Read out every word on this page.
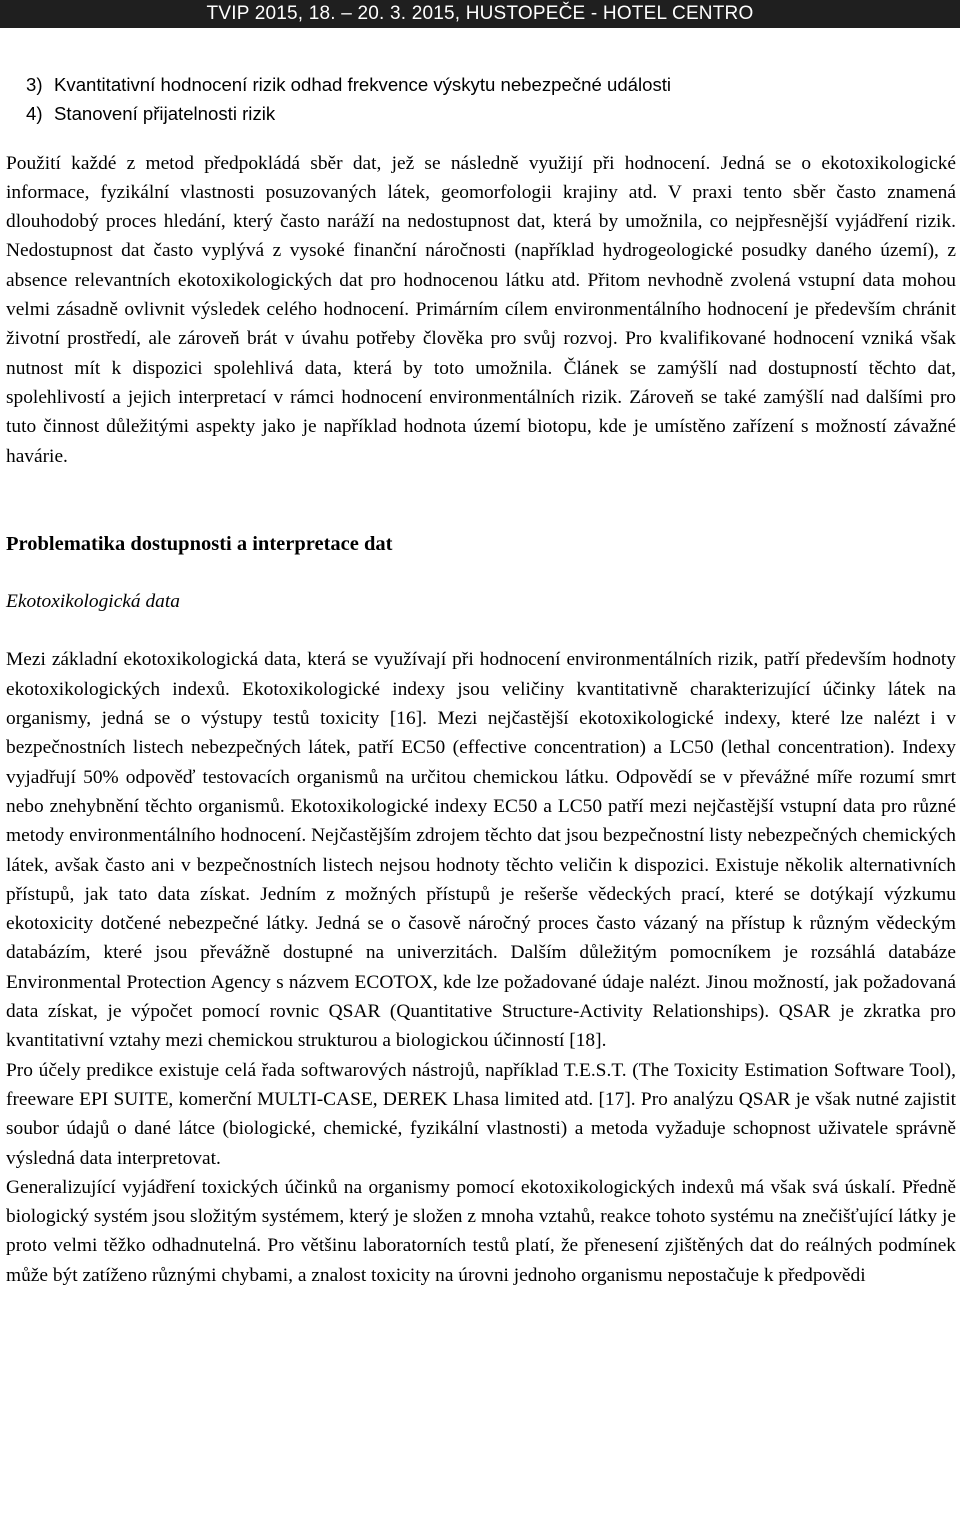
TVIP 2015, 18. – 20. 3. 2015, HUSTOPEČE - HOTEL CENTRO
3) Kvantitativní hodnocení rizik odhad frekvence výskytu nebezpečné události
4) Stanovení přijatelnosti rizik

Použití každé z metod předpokládá sběr dat, jež se následně využijí při hodnocení. Jedná se o ekotoxikologické informace, fyzikální vlastnosti posuzovaných látek, geomorfologii krajiny atd. V praxi tento sběr často znamená dlouhodobý proces hledání, který často naráží na nedostupnost dat, která by umožnila, co nejpřesnější vyjádření rizik. Nedostupnost dat často vyplývá z vysoké finanční náročnosti (například hydrogeologické posudky daného území), z absence relevantních ekotoxikologických dat pro hodnocenou látku atd. Přitom nevhodně zvolená vstupní data mohou velmi zásadně ovlivnit výsledek celého hodnocení. Primárním cílem environmentálního hodnocení je především chránit životní prostředí, ale zároveň brát v úvahu potřeby člověka pro svůj rozvoj. Pro kvalifikované hodnocení vzniká však nutnost mít k dispozici spolehlivá data, která by toto umožnila. Článek se zamýšlí nad dostupností těchto dat, spolehlivostí a jejich interpretací v rámci hodnocení environmentálních rizik. Zároveň se také zamýšlí nad dalšími pro tuto činnost důležitými aspekty jako je například hodnota území biotopu, kde je umístěno zařízení s možností závažné havárie.

Problematika dostupnosti a interpretace dat

Ekotoxikologická data

Mezi základní ekotoxikologická data, která se využívají při hodnocení environmentálních rizik, patří především hodnoty ekotoxikologických indexů. Ekotoxikologické indexy jsou veličiny kvantitativně charakterizující účinky látek na organismy, jedná se o výstupy testů toxicity [16]. Mezi nejčastější ekotoxikologické indexy, které lze nalézt i v bezpečnostních listech nebezpečných látek, patří EC50 (effective concentration) a LC50 (lethal concentration). Indexy vyjadřují 50% odpověď testovacích organismů na určitou chemickou látku. Odpovědí se v převážné míře rozumí smrt nebo znehybnění těchto organismů. Ekotoxikologické indexy EC50 a LC50 patří mezi nejčastější vstupní data pro různé metody environmentálního hodnocení. Nejčastějším zdrojem těchto dat jsou bezpečnostní listy nebezpečných chemických látek, avšak často ani v bezpečnostních listech nejsou hodnoty těchto veličin k dispozici. Existuje několik alternativních přístupů, jak tato data získat. Jedním z možných přístupů je rešerše vědeckých prací, které se dotýkají výzkumu ekotoxicity dotčené nebezpečné látky. Jedná se o časově náročný proces často vázaný na přístup k různým vědeckým databázím, které jsou převážně dostupné na univerzitách. Dalším důležitým pomocníkem je rozsáhlá databáze Environmental Protection Agency s názvem ECOTOX, kde lze požadované údaje nalézt. Jinou možností, jak požadovaná data získat, je výpočet pomocí rovnic QSAR (Quantitative Structure-Activity Relationships). QSAR je zkratka pro kvantitativní vztahy mezi chemickou strukturou a biologickou účinností [18].

Pro účely predikce existuje celá řada softwarových nástrojů, například T.E.S.T. (The Toxicity Estimation Software Tool), freeware EPI SUITE, komerční MULTI-CASE, DEREK Lhasa limited atd. [17]. Pro analýzu QSAR je však nutné zajistit soubor údajů o dané látce (biologické, chemické, fyzikální vlastnosti) a metoda vyžaduje schopnost uživatele správně výsledná data interpretovat.

Generalizující vyjádření toxických účinků na organismy pomocí ekotoxikologických indexů má však svá úskalí. Předně biologický systém jsou složitým systémem, který je složen z mnoha vztahů, reakce tohoto systému na znečišťující látky je proto velmi těžko odhadnutelná. Pro většinu laboratorních testů platí, že přenesení zjištěných dat do reálných podmínek může být zatíženo různými chybami, a znalost toxicity na úrovni jednoho organismu nepostačuje k předpovědi
